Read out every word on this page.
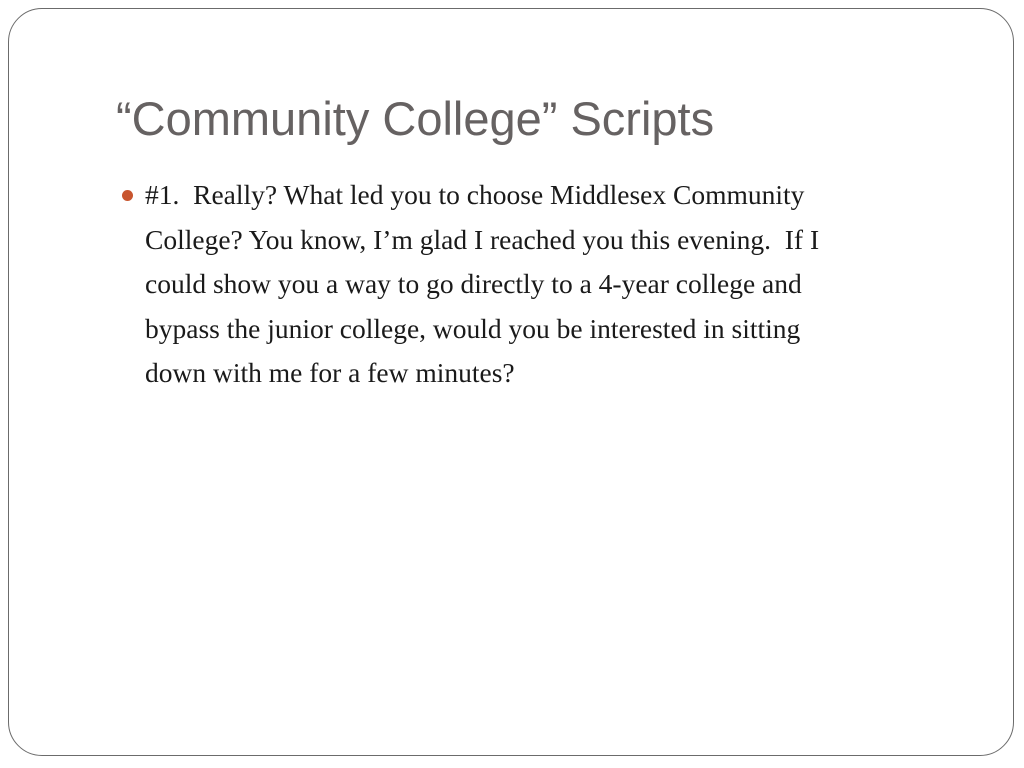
“Community College” Scripts
#1.  Really? What led you to choose Middlesex Community
College? You know, I’m glad I reached you this evening.  If I
could show you a way to go directly to a 4-year college and
bypass the junior college, would you be interested in sitting
down with me for a few minutes?
